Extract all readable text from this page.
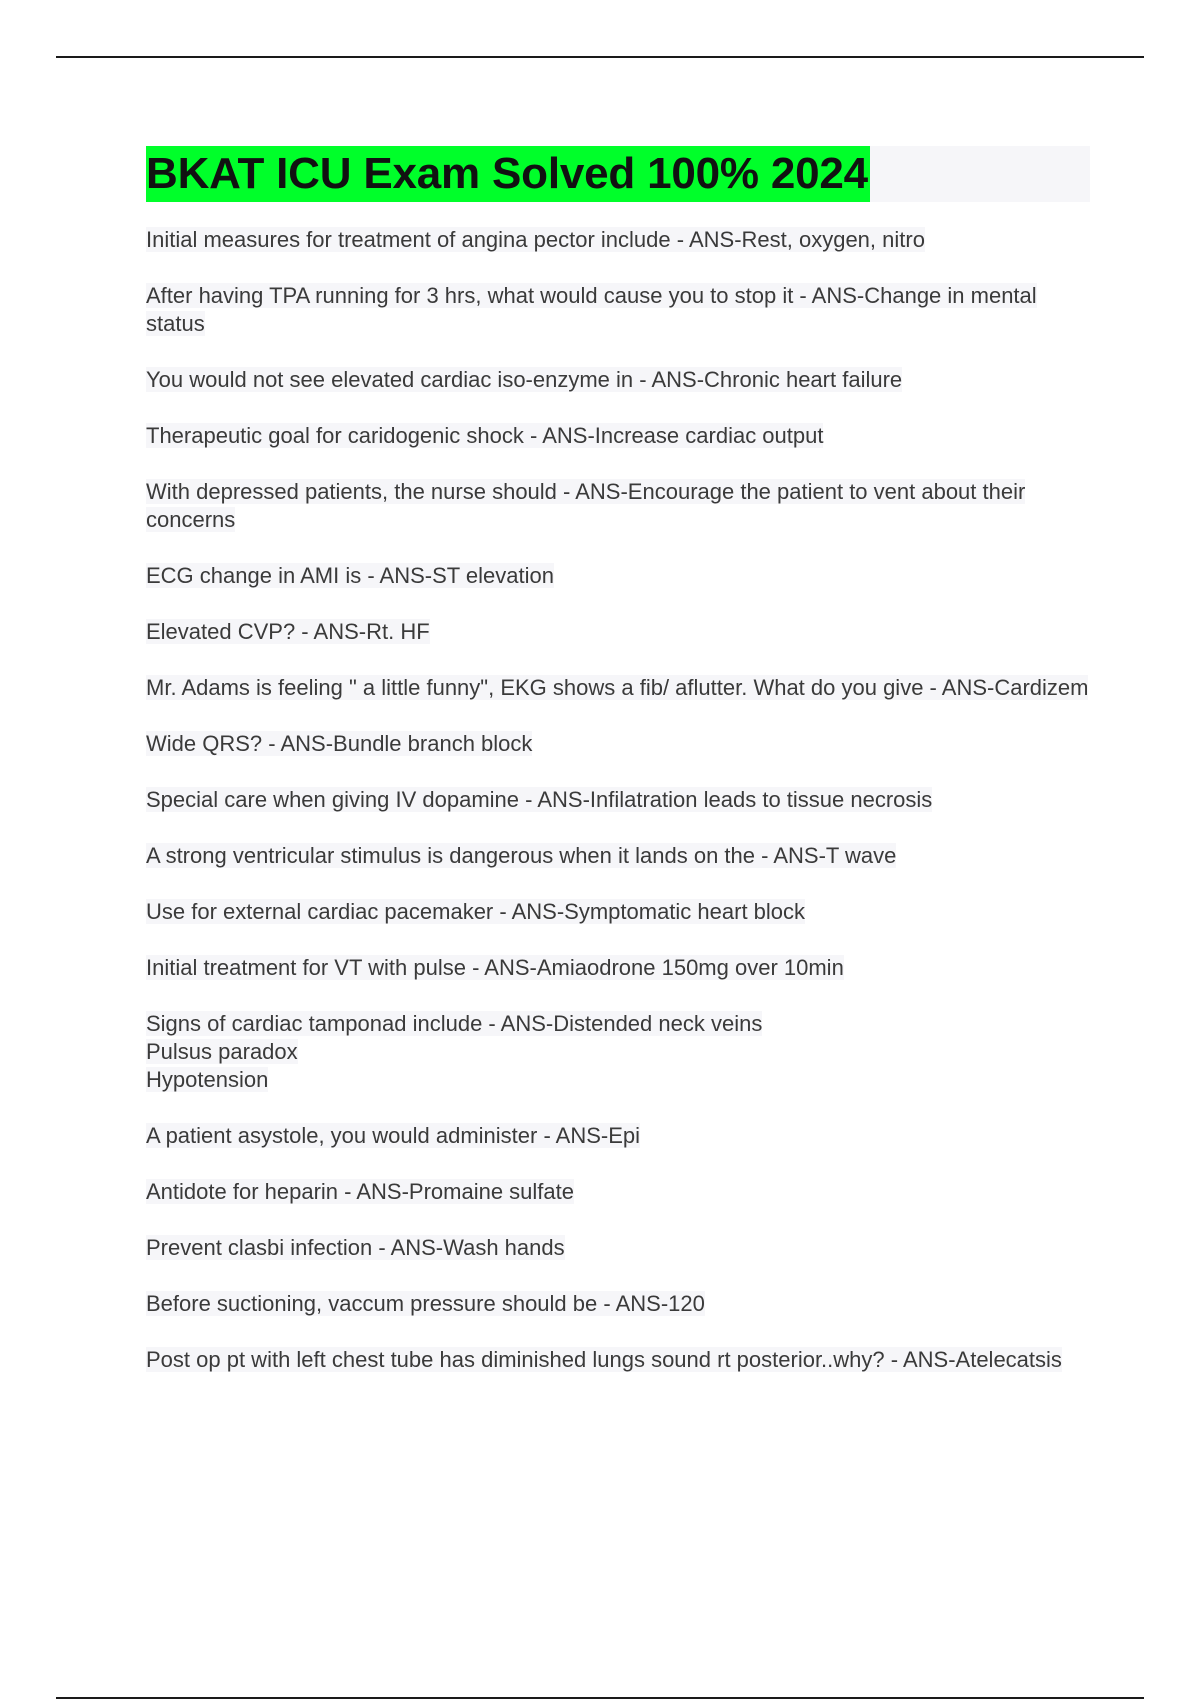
BKAT ICU Exam Solved 100% 2024
Initial measures for treatment of angina pector include - ANS-Rest, oxygen, nitro
After having TPA running for 3 hrs, what would cause you to stop it - ANS-Change in mental status
You would not see elevated cardiac iso-enzyme in - ANS-Chronic heart failure
Therapeutic goal for caridogenic shock - ANS-Increase cardiac output
With depressed patients, the nurse should - ANS-Encourage the patient to vent about their concerns
ECG change in AMI is - ANS-ST elevation
Elevated CVP? - ANS-Rt. HF
Mr. Adams is feeling " a little funny", EKG shows a fib/ aflutter. What do you give - ANS-Cardizem
Wide QRS? - ANS-Bundle branch block
Special care when giving IV dopamine - ANS-Infilatration leads to tissue necrosis
A strong ventricular stimulus is dangerous when it lands on the - ANS-T wave
Use for external cardiac pacemaker - ANS-Symptomatic heart block
Initial treatment for VT with pulse - ANS-Amiaodrone 150mg over 10min
Signs of cardiac tamponad include - ANS-Distended neck veins
Pulsus paradox
Hypotension
A patient asystole, you would administer - ANS-Epi
Antidote for heparin - ANS-Promaine sulfate
Prevent clasbi infection - ANS-Wash hands
Before suctioning, vaccum pressure should be - ANS-120
Post op pt with left chest tube has diminished lungs sound rt posterior..why? - ANS-Atelecatsis
